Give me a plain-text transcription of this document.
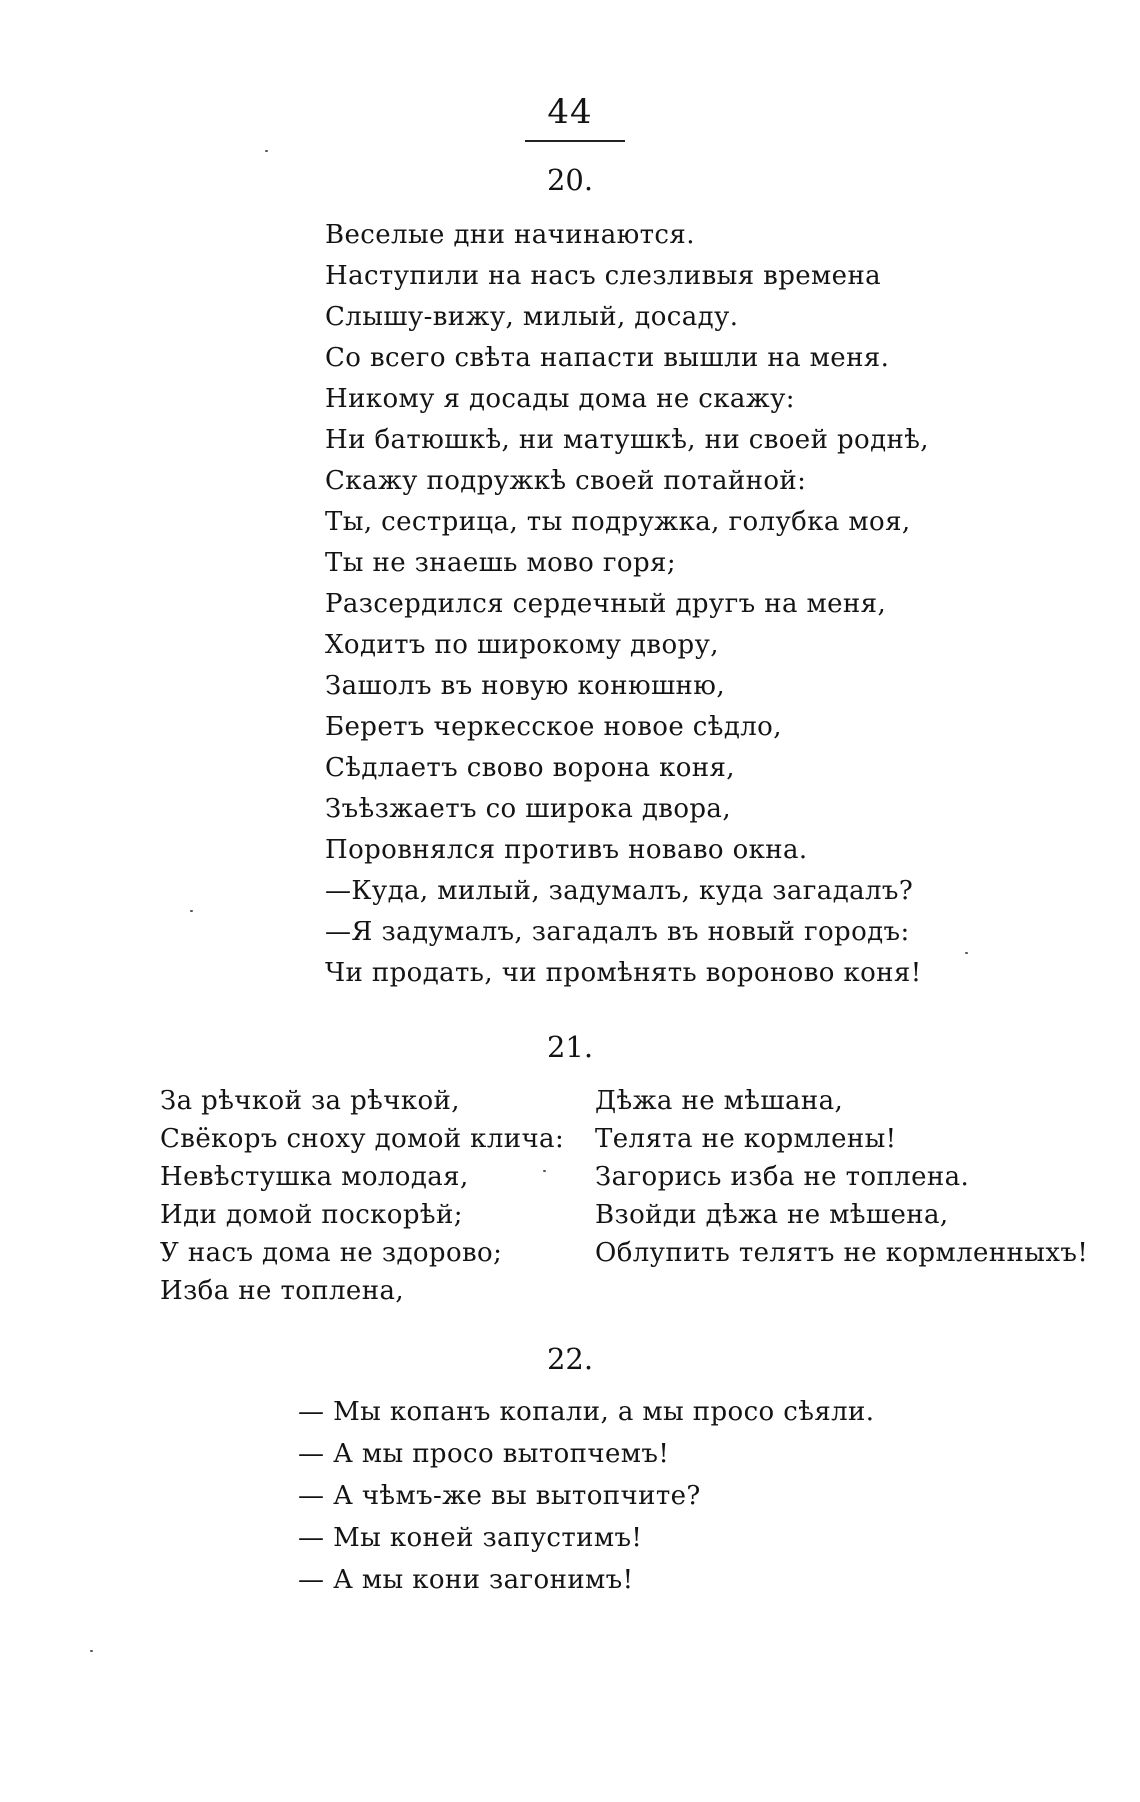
44
20.
Веселые дни начинаются.
Наступили на насъ слезливыя времена
Слышу-вижу, милый, досаду.
Со всего свѣта напасти вышли на меня.
Никому я досады дома не скажу:
Ни батюшкѣ, ни матушкѣ, ни своей роднѣ,
Скажу подружкѣ своей потайной:
Ты, сестрица, ты подружка, голубка моя,
Ты не знаешь мово горя;
Разсердился сердечный другъ на меня,
Ходитъ по широкому двору,
Зашолъ въ новую конюшню,
Беретъ черкесское новое сѣдло,
Сѣдлаетъ свово ворона коня,
Зъѣзжаетъ со широка двора,
Поровнялся противъ новаво окна.
—Куда, милый, задумалъ, куда загадалъ?
—Я задумалъ, загадалъ въ новый городъ:
Чи продать, чи промѣнять вороново коня!
21.
За рѣчкой за рѣчкой,
Свёкоръ сноху домой клича:
Невѣстушка молодая,
Иди домой поскорѣй;
У насъ дома не здорово;
Изба не топлена,
Дѣжа не мѣшана,
Телята не кормлены!
Загорись изба не топлена.
Взойди дѣжа не мѣшена,
Облупить телятъ не кормленныхъ!
22.
— Мы копанъ копали, а мы просо сѣяли.
— А мы просо вытопчемъ!
— А чѣмъ-же вы вытопчите?
— Мы коней запустимъ!
— А мы кони загонимъ!
